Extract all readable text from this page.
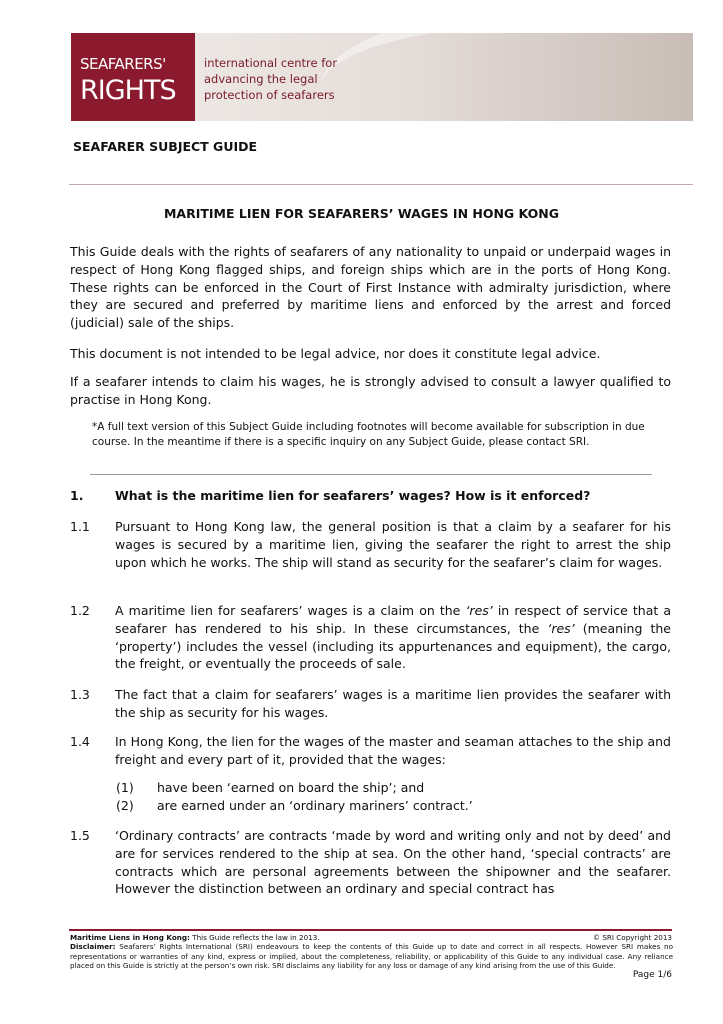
SEAFARERS'
RIGHTS
international centre for
advancing the legal
protection of seafarers
SEAFARER SUBJECT GUIDE
MARITIME LIEN FOR SEAFARERS’ WAGES IN HONG KONG
This Guide deals with the rights of seafarers of any nationality to unpaid or underpaid wages in respect of Hong Kong flagged ships, and foreign ships which are in the ports of Hong Kong. These rights can be enforced in the Court of First Instance with admiralty jurisdiction, where they are secured and preferred by maritime liens and enforced by the arrest and forced (judicial) sale of the ships.
This document is not intended to be legal advice, nor does it constitute legal advice.
If a seafarer intends to claim his wages, he is strongly advised to consult a lawyer qualified to practise in Hong Kong.
*A full text version of this Subject Guide including footnotes will become available for subscription in due course. In the meantime if there is a specific inquiry on any Subject Guide, please contact SRI.
1.	What is the maritime lien for seafarers’ wages? How is it enforced?
1.1 Pursuant to Hong Kong law, the general position is that a claim by a seafarer for his wages is secured by a maritime lien, giving the seafarer the right to arrest the ship upon which he works. The ship will stand as security for the seafarer’s claim for wages.
1.2 A maritime lien for seafarers’ wages is a claim on the ‘res’ in respect of service that a seafarer has rendered to his ship. In these circumstances, the ‘res’ (meaning the ‘property’) includes the vessel (including its appurtenances and equipment), the cargo, the freight, or eventually the proceeds of sale.
1.3 The fact that a claim for seafarers’ wages is a maritime lien provides the seafarer with the ship as security for his wages.
1.4 In Hong Kong, the lien for the wages of the master and seaman attaches to the ship and freight and every part of it, provided that the wages:
(1) have been ‘earned on board the ship’; and
(2) are earned under an ‘ordinary mariners’ contract.’
1.5 ‘Ordinary contracts’ are contracts ‘made by word and writing only and not by deed’ and are for services rendered to the ship at sea. On the other hand, ‘special contracts’ are contracts which are personal agreements between the shipowner and the seafarer. However the distinction between an ordinary and special contract has
Maritime Liens in Hong Kong: This Guide reflects the law in 2013.	© SRI Copyright 2013
Disclaimer: Seafarers’ Rights International (SRI) endeavours to keep the contents of this Guide up to date and correct in all respects. However SRI makes no representations or warranties of any kind, express or implied, about the completeness, reliability, or applicability of this Guide to any individual case. Any reliance placed on this Guide is strictly at the person’s own risk. SRI disclaims any liability for any loss or damage of any kind arising from the use of this Guide.
Page 1/6
